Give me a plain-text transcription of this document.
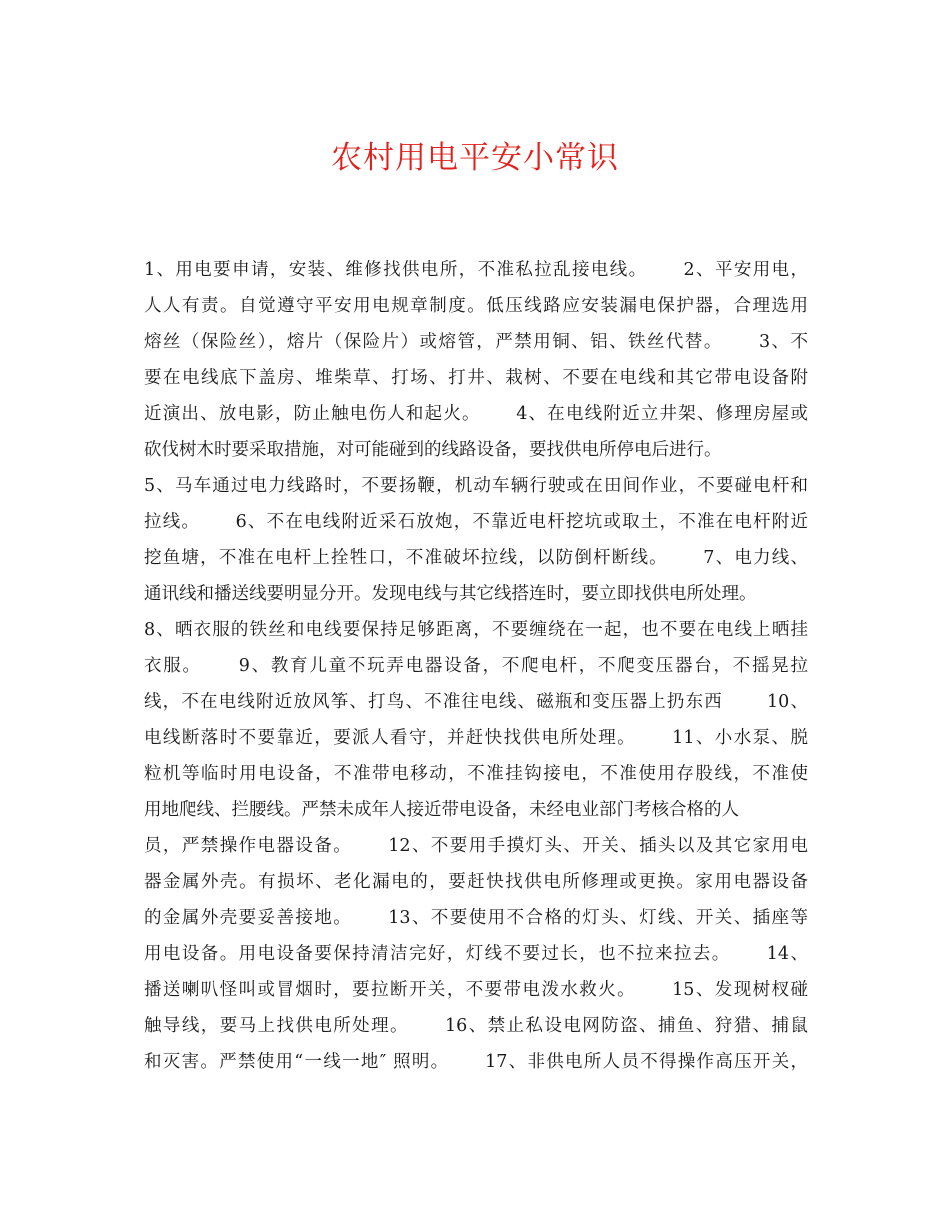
农村用电平安小常识
1、用电要申请，安装、维修找供电所，不准私拉乱接电线。　　 2、平安用电，
人人有责。自觉遵守平安用电规章制度。低压线路应安装漏电保护器，合理选用
熔丝（保险丝），熔片（保险片）或熔管，严禁用铜、铝、铁丝代替。　　 3、不
要在电线底下盖房、堆柴草、打场、打井、栽树、不要在电线和其它带电设备附
近演出、放电影，防止触电伤人和起火。　　 4、在电线附近立井架、修理房屋或
砍伐树木时要采取措施，对可能碰到的线路设备，要找供电所停电后进行。
5、马车通过电力线路时，不要扬鞭，机动车辆行驶或在田间作业，不要碰电杆和
拉线。　　 6、不在电线附近采石放炮，不靠近电杆挖坑或取土，不准在电杆附近
挖鱼塘，不准在电杆上拴牲口，不准破坏拉线，以防倒杆断线。　　 7、电力线、
通讯线和播送线要明显分开。发现电线与其它线搭连时，要立即找供电所处理。
8、晒衣服的铁丝和电线要保持足够距离，不要缠绕在一起，也不要在电线上晒挂
衣服。　　 9、教育儿童不玩弄电器设备，不爬电杆，不爬变压器台，不摇晃拉
线，不在电线附近放风筝、打鸟、不准往电线、磁瓶和变压器上扔东西　　 10、
电线断落时不要靠近，要派人看守，并赶快找供电所处理。　　 11、小水泵、脱
粒机等临时用电设备，不准带电移动，不准挂钩接电，不准使用存股线，不准使
用地爬线、拦腰线。严禁未成年人接近带电设备，未经电业部门考核合格的人
员，严禁操作电器设备。　　 12、不要用手摸灯头、开关、插头以及其它家用电
器金属外壳。有损坏、老化漏电的，要赶快找供电所修理或更换。家用电器设备
的金属外壳要妥善接地。　　 13、不要使用不合格的灯头、灯线、开关、插座等
用电设备。用电设备要保持清洁完好，灯线不要过长，也不拉来拉去。　　 14、
播送喇叭怪叫或冒烟时，要拉断开关，不要带电泼水救火。　　 15、发现树杈碰
触导线，要马上找供电所处理。　　 16、禁止私设电网防盗、捕鱼、狩猎、捕鼠
和灭害。严禁使用“一线一地″ 照明。　　 17、非供电所人员不得操作高压开关，
